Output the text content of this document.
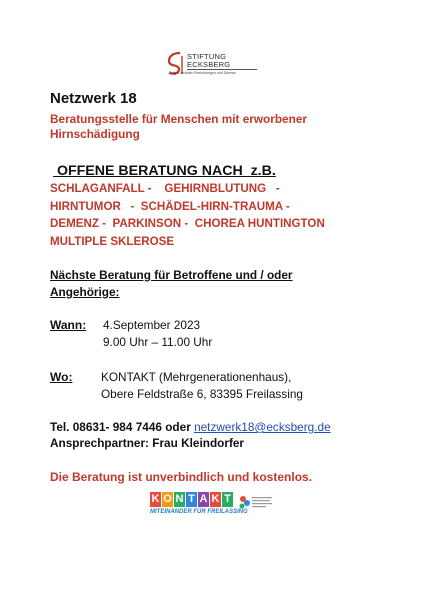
STIFTUNG
ECKSBERG
Träger sozialer Einrichtungen und Dienste
Netzwerk 18
Beratungsstelle für Menschen mit erworbener
Hirnschädigung
OFFENE BERATUNG NACH  z.B.
SCHLAGANFALL -    GEHIRNBLUTUNG   -
HIRNTUMOR   -  SCHÄDEL-HIRN-TRAUMA -
DEMENZ -  PARKINSON -  CHOREA HUNTINGTON
MULTIPLE SKLEROSE
Nächste Beratung für Betroffene und / oder
Angehörige:
Wann: 4.September 2023
9.00 Uhr – 11.00 Uhr
Wo: KONTAKT (Mehrgenerationenhaus),
Obere Feldstraße 6, 83395 Freilassing
Tel. 08631- 984 7446 oder netzwerk18@ecksberg.de
Ansprechpartner: Frau Kleindorfer
Die Beratung ist unverbindlich und kostenlos.
K O N T A K T
MITEINANDER FÜR FREILASSING
